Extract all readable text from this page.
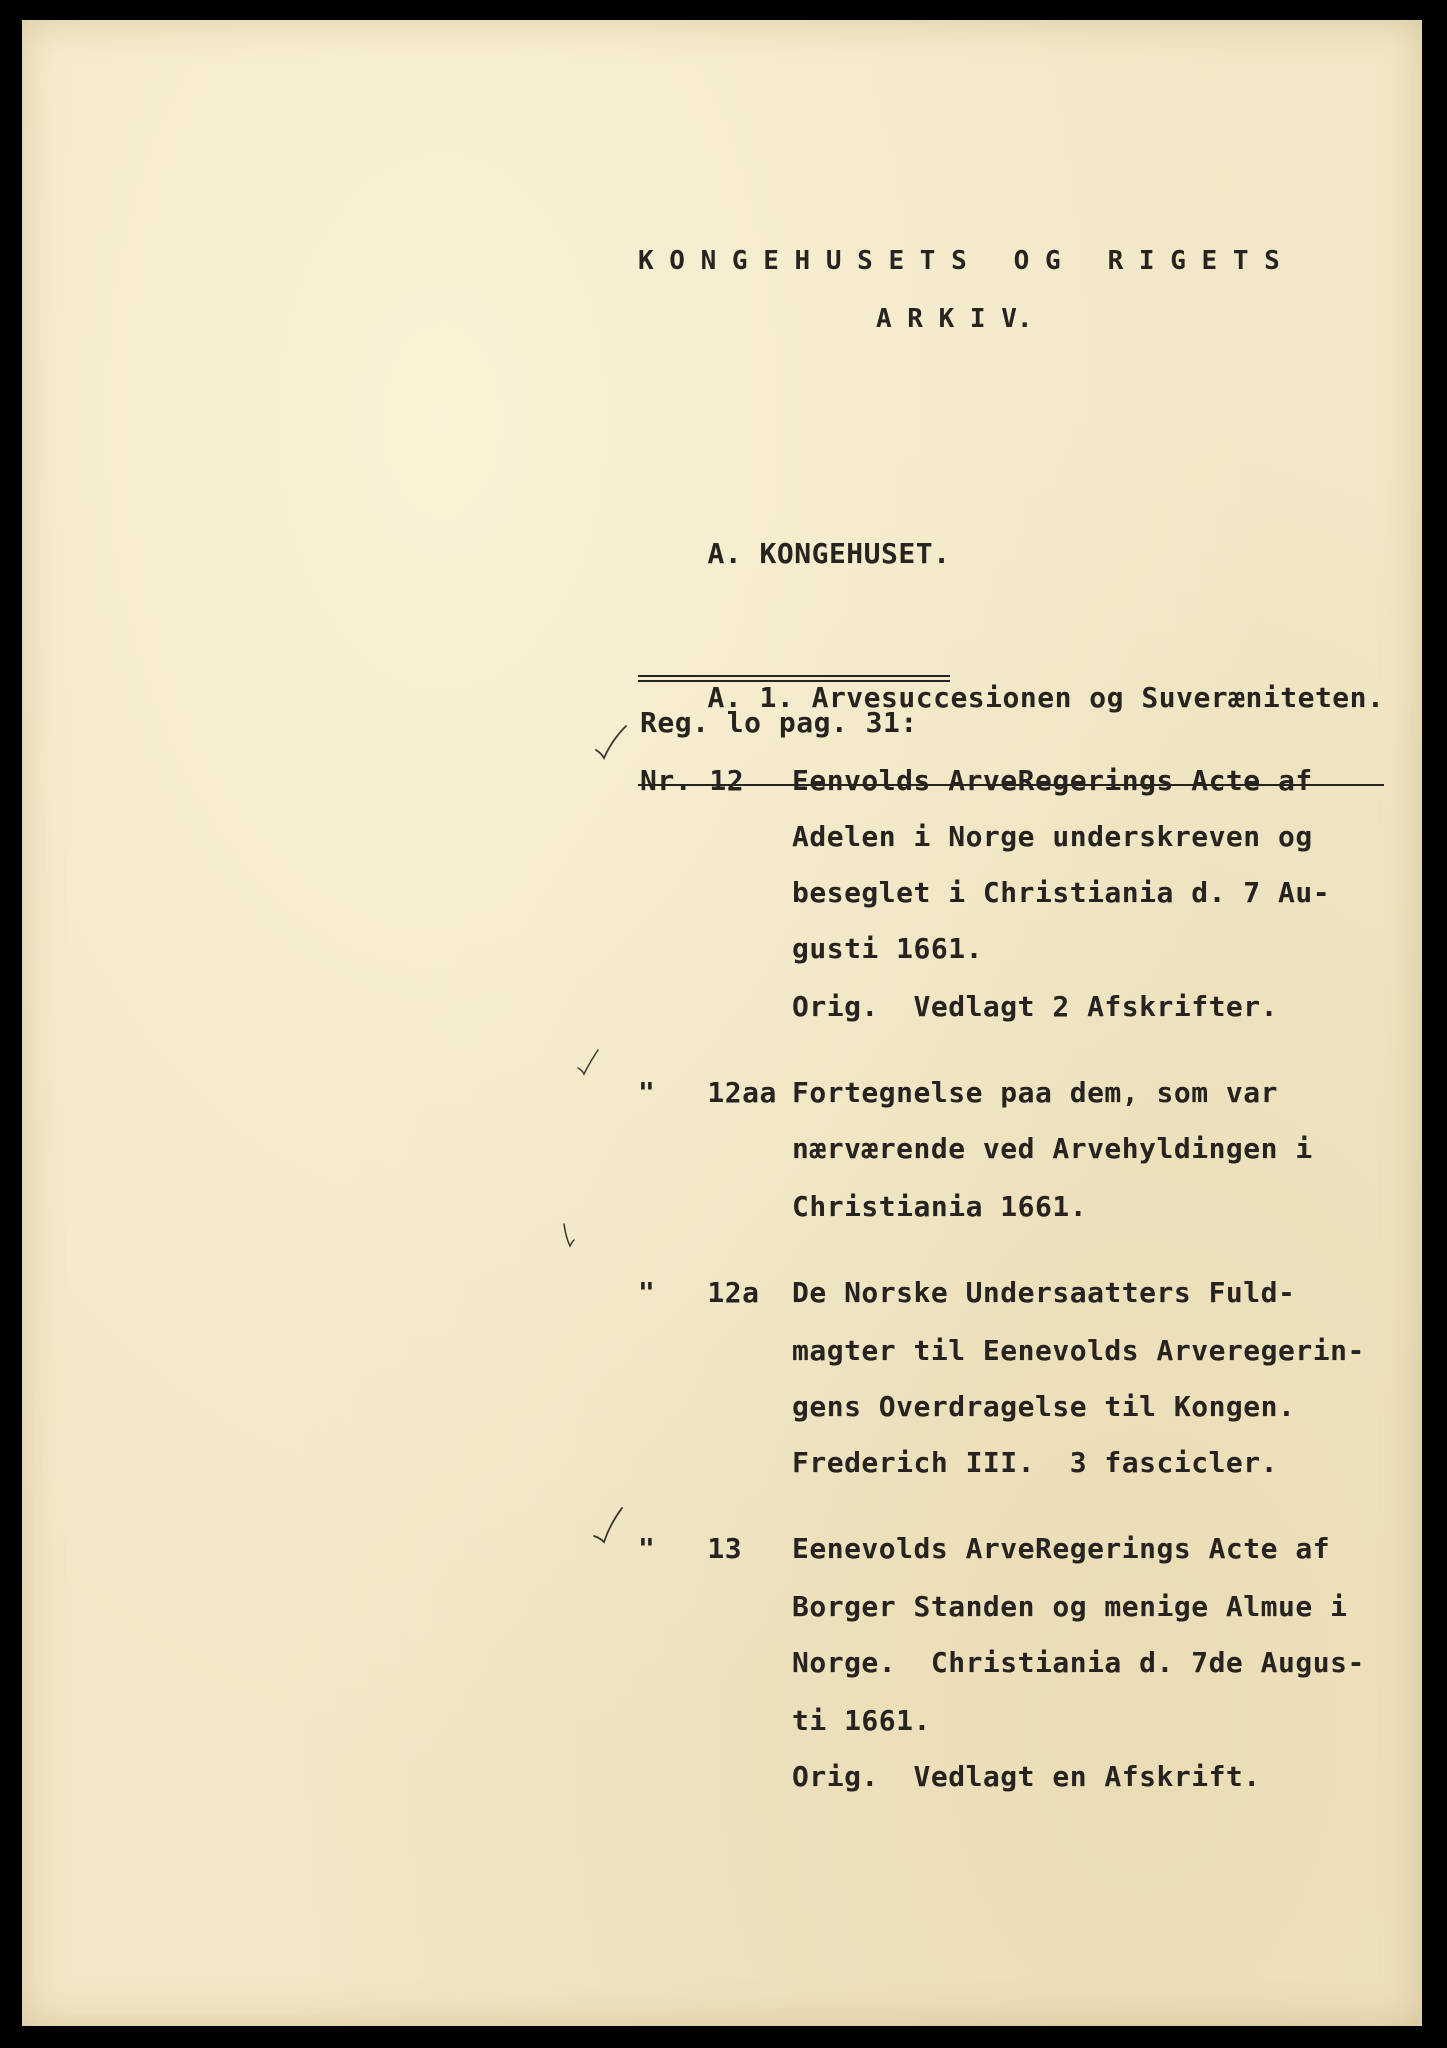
K O N G E H U S E T S   O G   R I G E T S
A R K I V.

A. KONGEHUSET.

A. 1. Arvesuccesionen og Suveræniteten.

Reg. lo pag. 31:
Nr. 12 Eenvolds ArveRegerings Acte af
Adelen i Norge underskreven og
beseglet i Christiania d. 7 Au-
gusti 1661.
Orig.  Vedlagt 2 Afskrifter.
"   12aa Fortegnelse paa dem, som var
nærværende ved Arvehyldingen i
Christiania 1661.
"   12a De Norske Undersaatters Fuld-
magter til Eenevolds Arveregerin-
gens Overdragelse til Kongen.
Frederich III.  3 fascicler.
"   13 Eenevolds ArveRegerings Acte af
Borger Standen og menige Almue i
Norge.  Christiania d. 7de Augus-
ti 1661.
Orig.  Vedlagt en Afskrift.
